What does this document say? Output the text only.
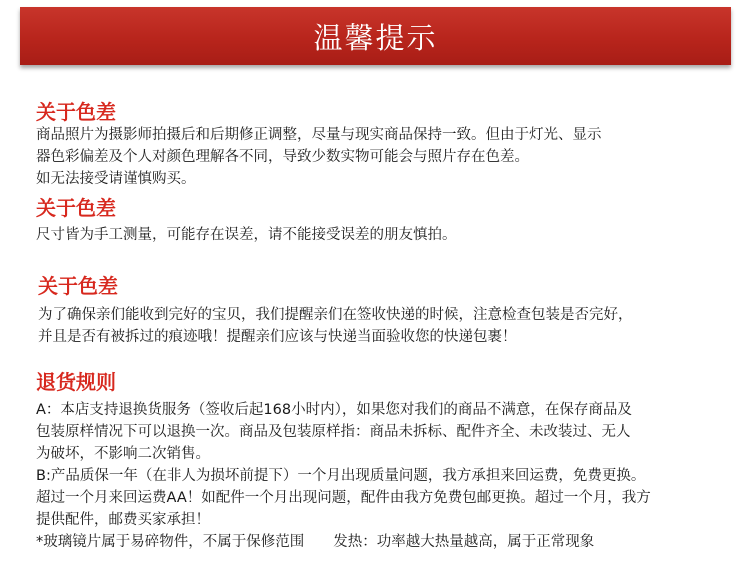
温馨提示
关于色差
商品照片为摄影师拍摄后和后期修正调整，尽量与现实商品保持一致。但由于灯光、显示
器色彩偏差及个人对颜色理解各不同，导致少数实物可能会与照片存在色差。
如无法接受请谨慎购买。
关于色差
尺寸皆为手工测量，可能存在误差，请不能接受误差的朋友慎拍。
关于色差
为了确保亲们能收到完好的宝贝，我们提醒亲们在签收快递的时候，注意检查包装是否完好，
并且是否有被拆过的痕迹哦！提醒亲们应该与快递当面验收您的快递包裹！
退货规则
A：本店支持退换货服务（签收后起168小时内），如果您对我们的商品不满意，在保存商品及
包装原样情况下可以退换一次。商品及包装原样指：商品未拆标、配件齐全、未改装过、无人
为破坏，不影响二次销售。
B:产品质保一年（在非人为损坏前提下）一个月出现质量问题，我方承担来回运费，免费更换。
超过一个月来回运费AA！如配件一个月出现问题，配件由我方免费包邮更换。超过一个月，我方
提供配件，邮费买家承担！
*玻璃镜片属于易碎物件，不属于保修范围　　发热：功率越大热量越高，属于正常现象
